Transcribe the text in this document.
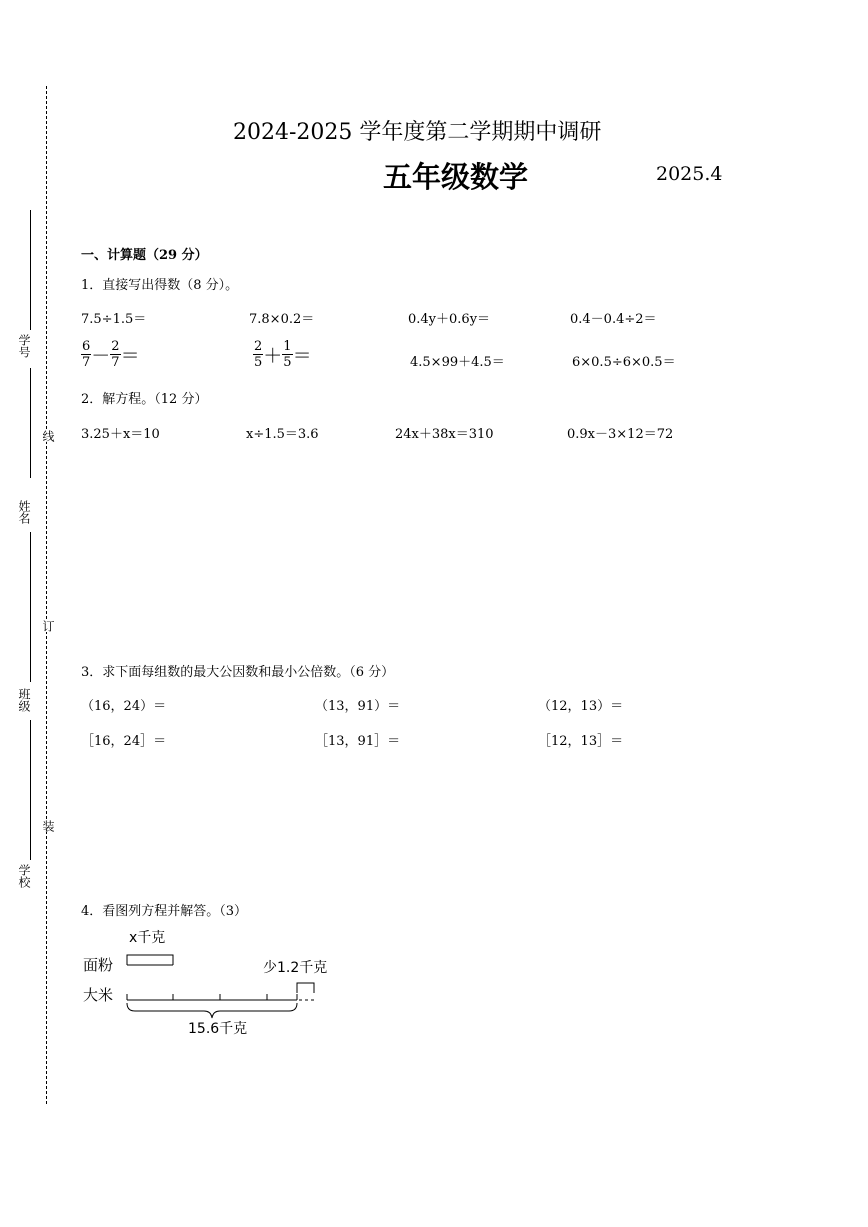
学号
姓名
班级
学校
线
订
装
2024-2025 学年度第二学期期中调研
五年级数学	2025.4
一、计算题（29 分）
1．直接写出得数（8 分）。
7.5÷1.5＝	7.8×0.2＝	0.4y＋0.6y＝	0.4－0.4÷2＝
$\frac{6}{7} - \frac{2}{7}$ ＝	$\frac{2}{5} + \frac{1}{5}$ ＝	4.5×99＋4.5＝	6×0.5÷6×0.5＝
2．解方程。（12 分）
3.25＋x＝10	x÷1.5＝3.6	24x＋38x＝310	0.9x－3×12＝72
3．求下面每组数的最大公因数和最小公倍数。（6 分）
（16，24）＝	（13，91）＝	（12，13）＝
［16，24］＝	［13，91］＝	［12，13］＝
4．看图列方程并解答。（3）
x千克
面粉	少1.2千克
大米
15.6千克
